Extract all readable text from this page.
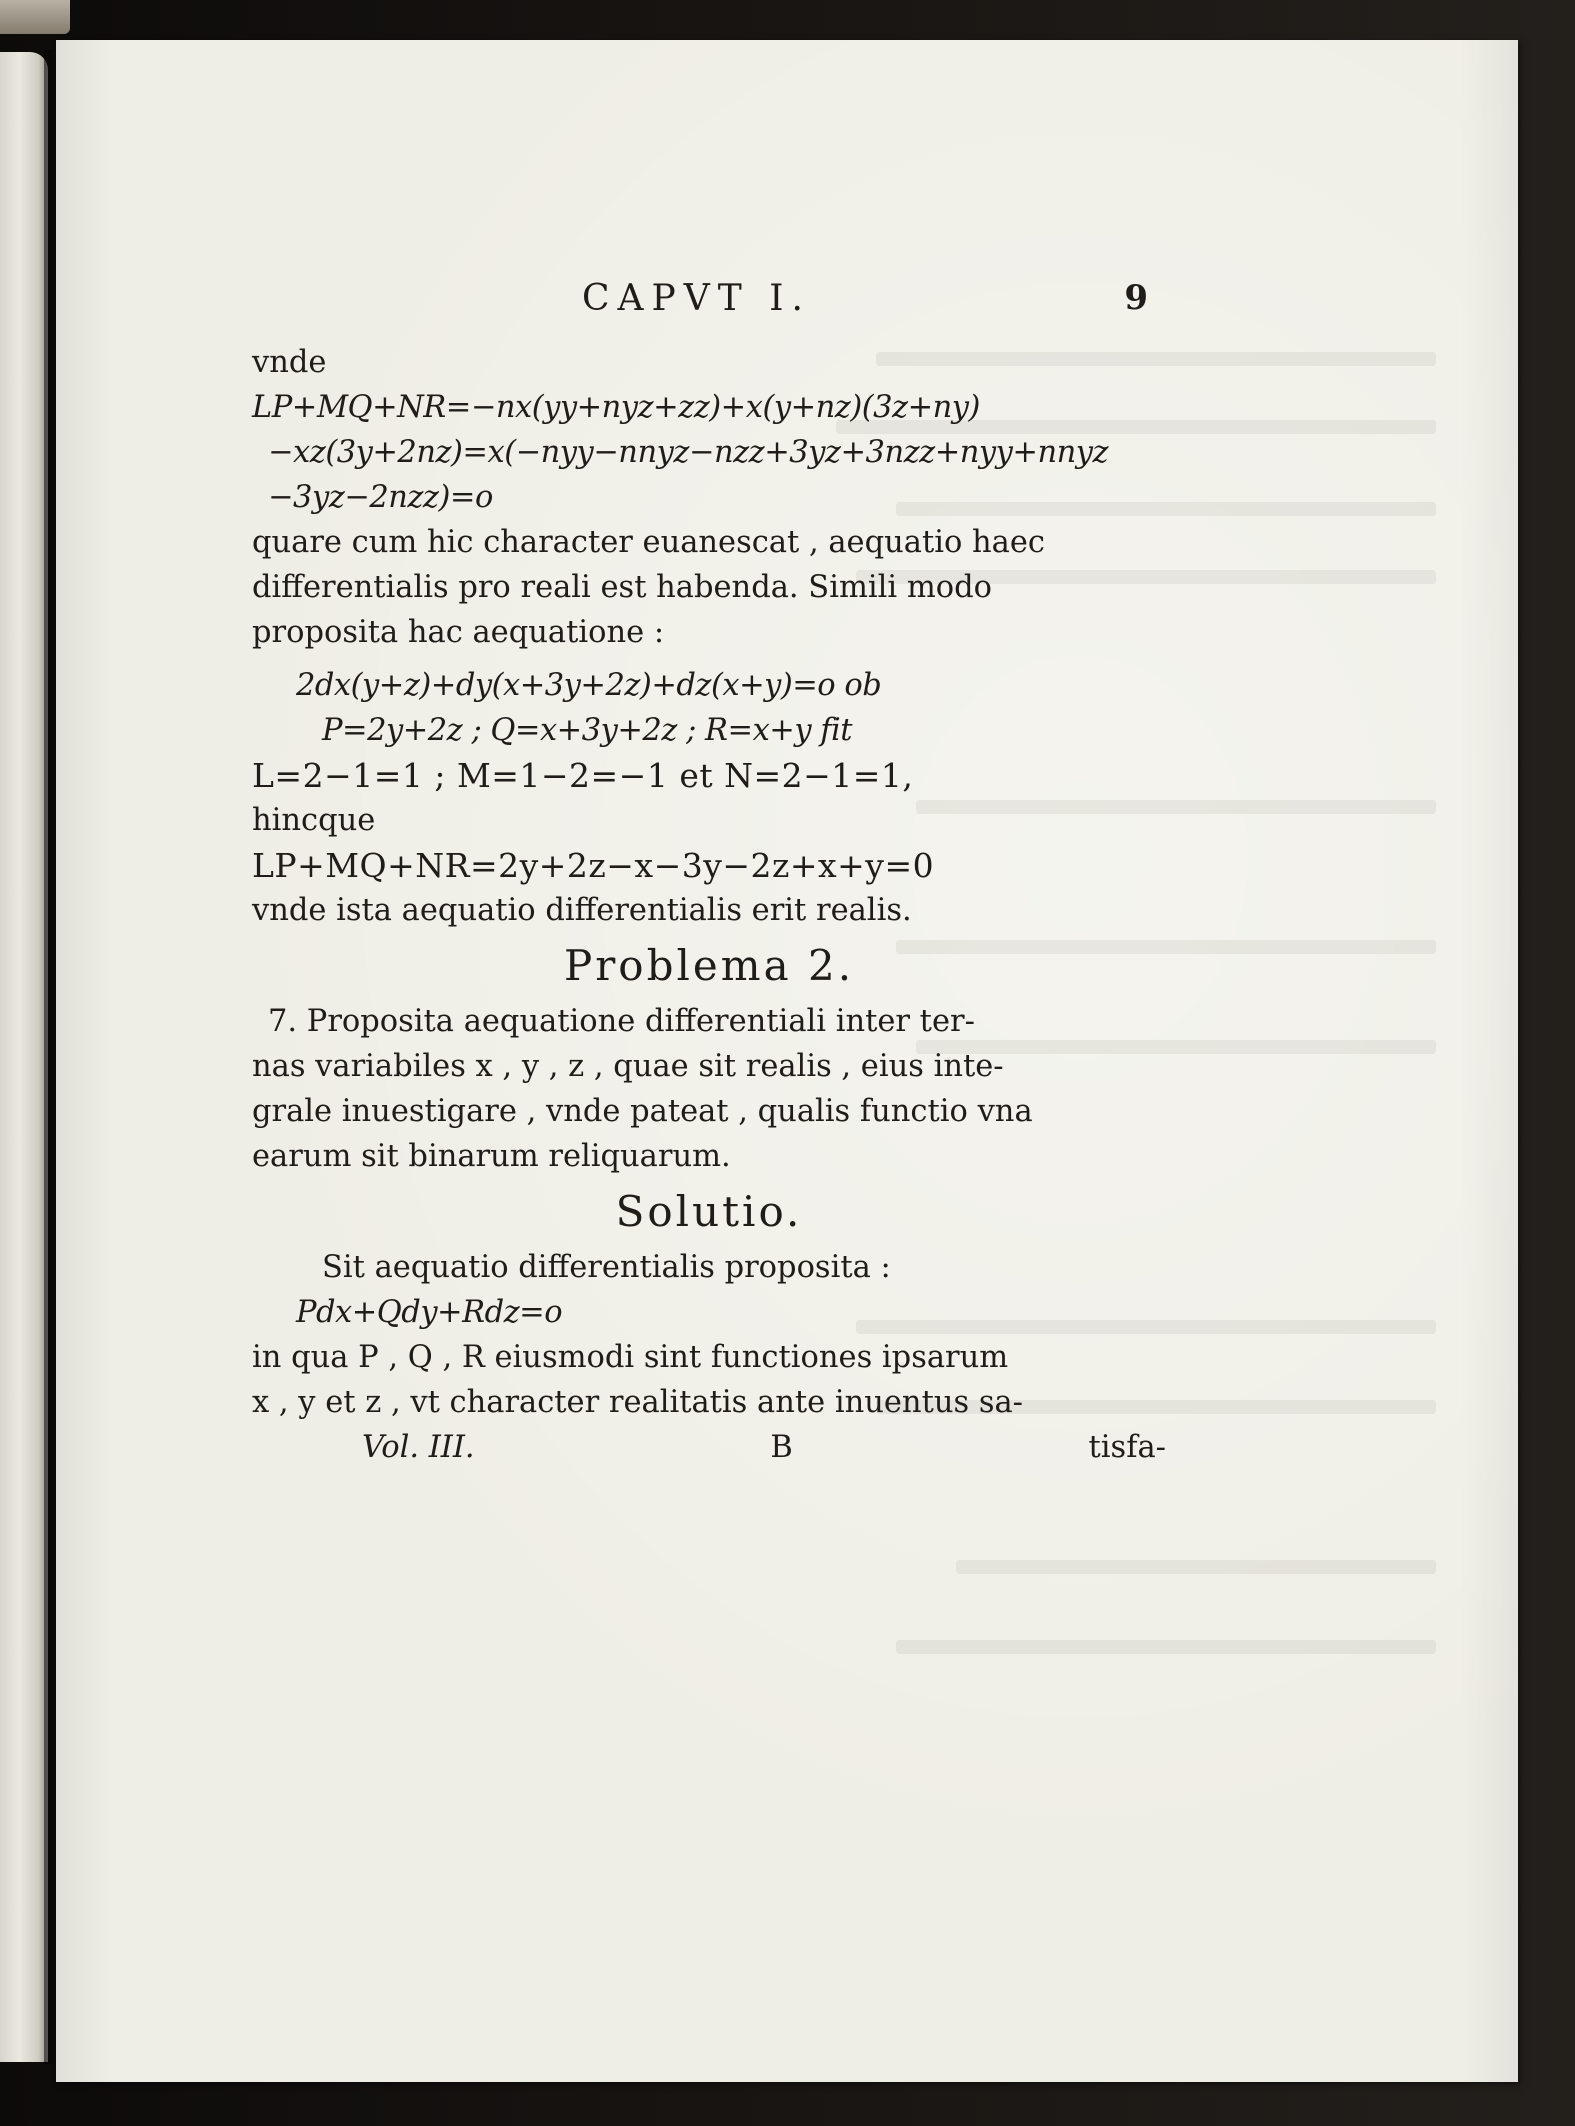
CAPVT I.	9
vnde
LP+MQ+NR=−nx(yy+nyz+zz)+x(y+nz)(3z+ny)
−xz(3y+2nz)=x(−nyy−nnyz−nzz+3yz+3nzz+nyy+nnyz
−3yz−2nzz)=o
quare cum hic character euanescat , aequatio haec
differentialis pro reali est habenda. Simili modo
proposita hac aequatione :
2dx(y+z)+dy(x+3y+2z)+dz(x+y)=o ob
P=2y+2z ; Q=x+3y+2z ; R=x+y fit
L=2−1=1 ; M=1−2=−1 et N=2−1=1,
hincque
LP+MQ+NR=2y+2z−x−3y−2z+x+y=0
vnde ista aequatio differentialis erit realis.
Problema 2.
7. Proposita aequatione differentiali inter ter-
nas variabiles x , y , z , quae sit realis , eius inte-
grale inuestigare , vnde pateat , qualis functio vna
earum sit binarum reliquarum.
Solutio.
Sit aequatio differentialis proposita :
Pdx+Qdy+Rdz=o
in qua P , Q , R eiusmodi sint functiones ipsarum
x , y et z , vt character realitatis ante inuentus sa-
Vol. III.	B	tisfa-
